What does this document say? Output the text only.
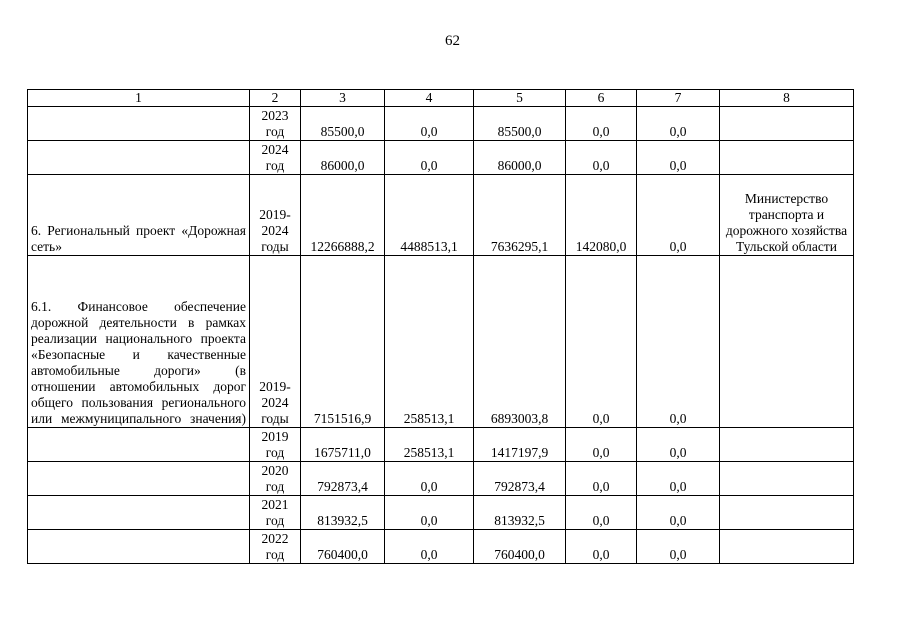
62
1	2	3	4	5	6	7	8
	2023 год	85500,0	0,0	85500,0	0,0	0,0	
	2024 год	86000,0	0,0	86000,0	0,0	0,0	
6. Региональный проект «Дорожная сеть»	2019-2024 годы	12266888,2	4488513,1	7636295,1	142080,0	0,0	Министерство транспорта и дорожного хозяйства Тульской области
6.1. Финансовое обеспечение дорожной деятельности в рамках реализации национального проекта «Безопасные и качественные автомобильные дороги» (в отношении автомобильных дорог общего пользования регионального или межмуниципального значения)	2019-2024 годы	7151516,9	258513,1	6893003,8	0,0	0,0	
	2019 год	1675711,0	258513,1	1417197,9	0,0	0,0	
	2020 год	792873,4	0,0	792873,4	0,0	0,0	
	2021 год	813932,5	0,0	813932,5	0,0	0,0	
	2022 год	760400,0	0,0	760400,0	0,0	0,0	
